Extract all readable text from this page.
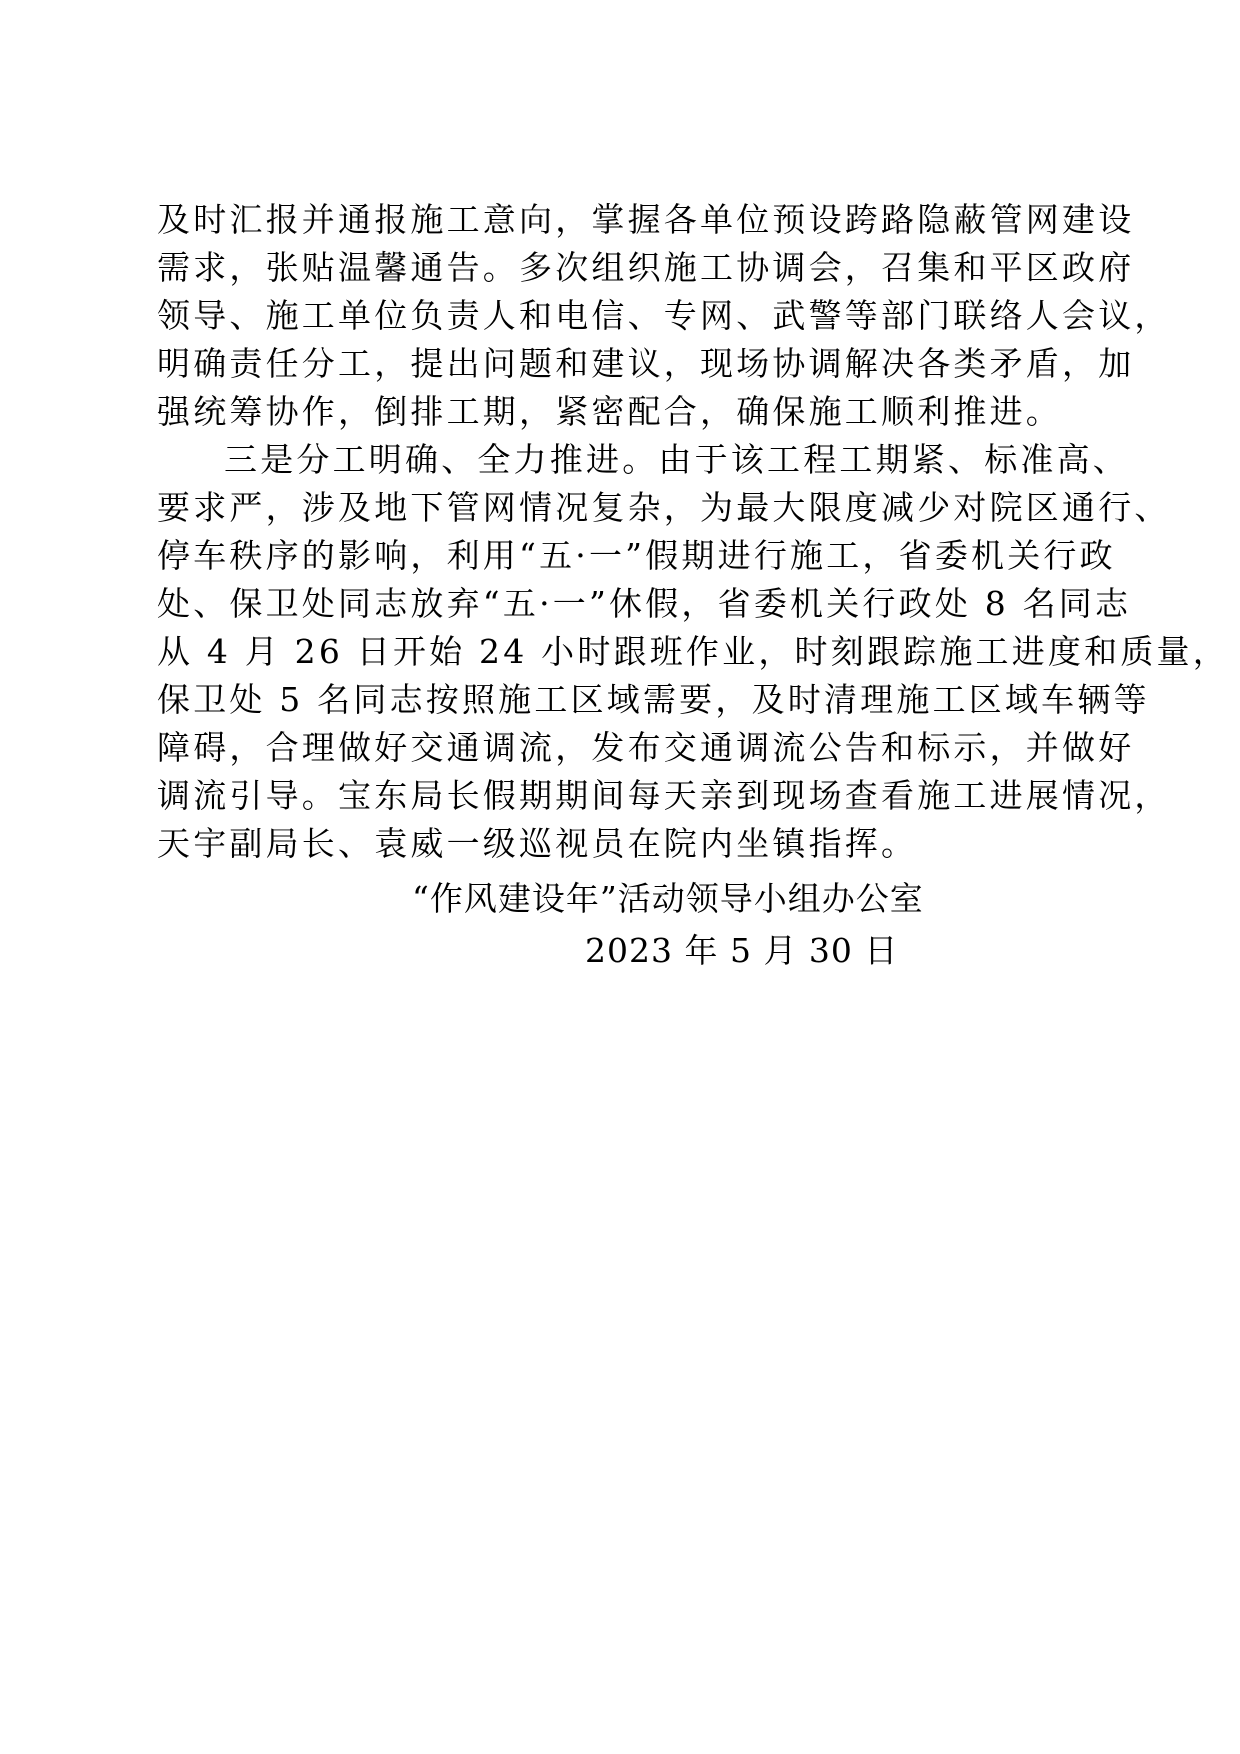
及时汇报并通报施工意向，掌握各单位预设跨路隐蔽管网建设
需求，张贴温馨通告。多次组织施工协调会，召集和平区政府
领导、施工单位负责人和电信、专网、武警等部门联络人会议，
明确责任分工，提出问题和建议，现场协调解决各类矛盾，加
强统筹协作，倒排工期，紧密配合，确保施工顺利推进。
三是分工明确、全力推进。由于该工程工期紧、标准高、
要求严，涉及地下管网情况复杂，为最大限度减少对院区通行、
停车秩序的影响，利用“五·一”假期进行施工，省委机关行政
处、保卫处同志放弃“五·一”休假，省委机关行政处 8 名同志
从 4 月 26 日开始 24 小时跟班作业，时刻跟踪施工进度和质量，
保卫处 5 名同志按照施工区域需要，及时清理施工区域车辆等
障碍，合理做好交通调流，发布交通调流公告和标示，并做好
调流引导。宝东局长假期期间每天亲到现场查看施工进展情况，
天宇副局长、袁威一级巡视员在院内坐镇指挥。
“作风建设年”活动领导小组办公室
2023 年 5 月 30 日
